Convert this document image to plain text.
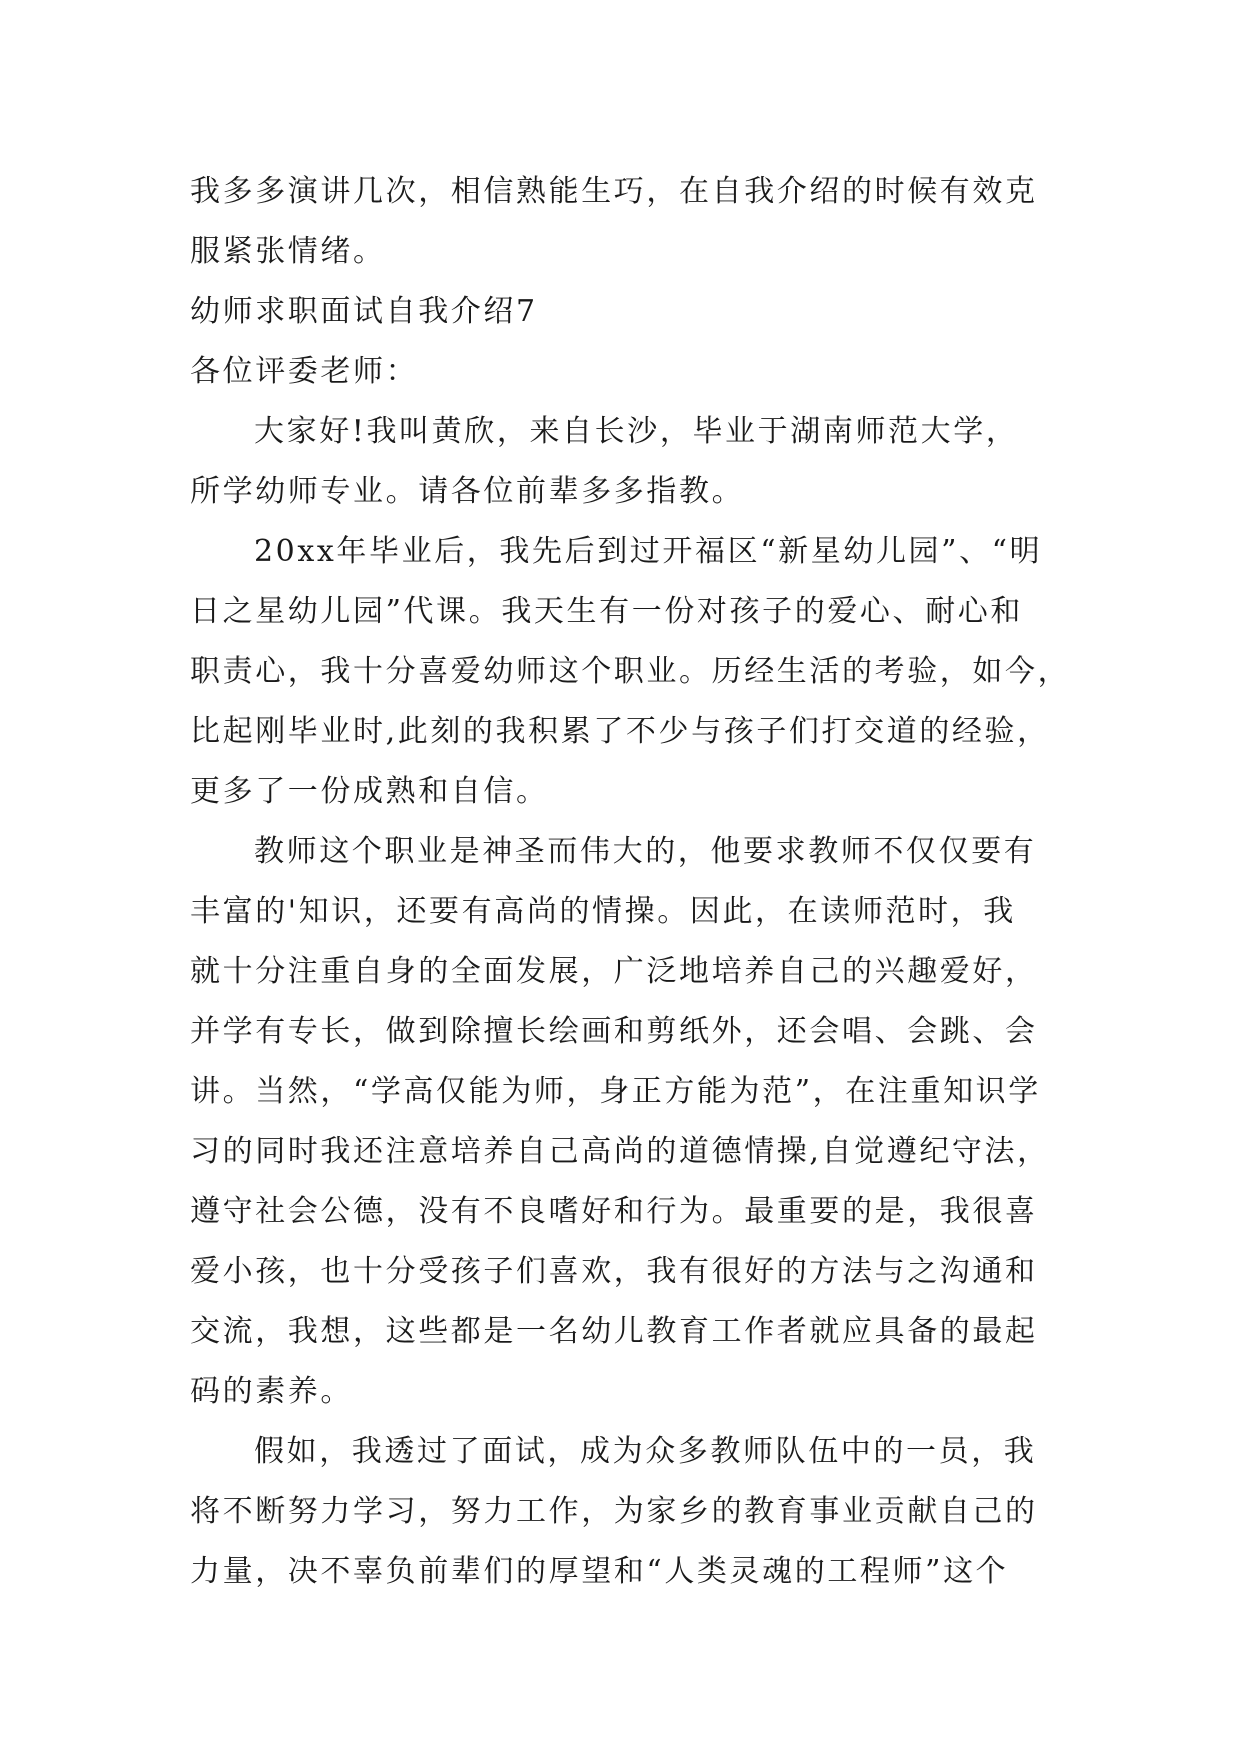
我多多演讲几次，相信熟能生巧，在自我介绍的时候有效克
服紧张情绪。
幼师求职面试自我介绍7
各位评委老师：
大家好!我叫黄欣，来自长沙，毕业于湖南师范大学，
所学幼师专业。请各位前辈多多指教。
20xx年毕业后，我先后到过开福区“新星幼儿园”、“明
日之星幼儿园”代课。我天生有一份对孩子的爱心、耐心和
职责心，我十分喜爱幼师这个职业。历经生活的考验，如今，
比起刚毕业时,此刻的我积累了不少与孩子们打交道的经验，
更多了一份成熟和自信。
教师这个职业是神圣而伟大的，他要求教师不仅仅要有
丰富的'知识，还要有高尚的情操。因此，在读师范时，我
就十分注重自身的全面发展，广泛地培养自己的兴趣爱好，
并学有专长，做到除擅长绘画和剪纸外，还会唱、会跳、会
讲。当然，“学高仅能为师，身正方能为范”，在注重知识学
习的同时我还注意培养自己高尚的道德情操,自觉遵纪守法，
遵守社会公德，没有不良嗜好和行为。最重要的是，我很喜
爱小孩，也十分受孩子们喜欢，我有很好的方法与之沟通和
交流，我想，这些都是一名幼儿教育工作者就应具备的最起
码的素养。
假如，我透过了面试，成为众多教师队伍中的一员，我
将不断努力学习，努力工作，为家乡的教育事业贡献自己的
力量，决不辜负前辈们的厚望和“人类灵魂的工程师”这个
